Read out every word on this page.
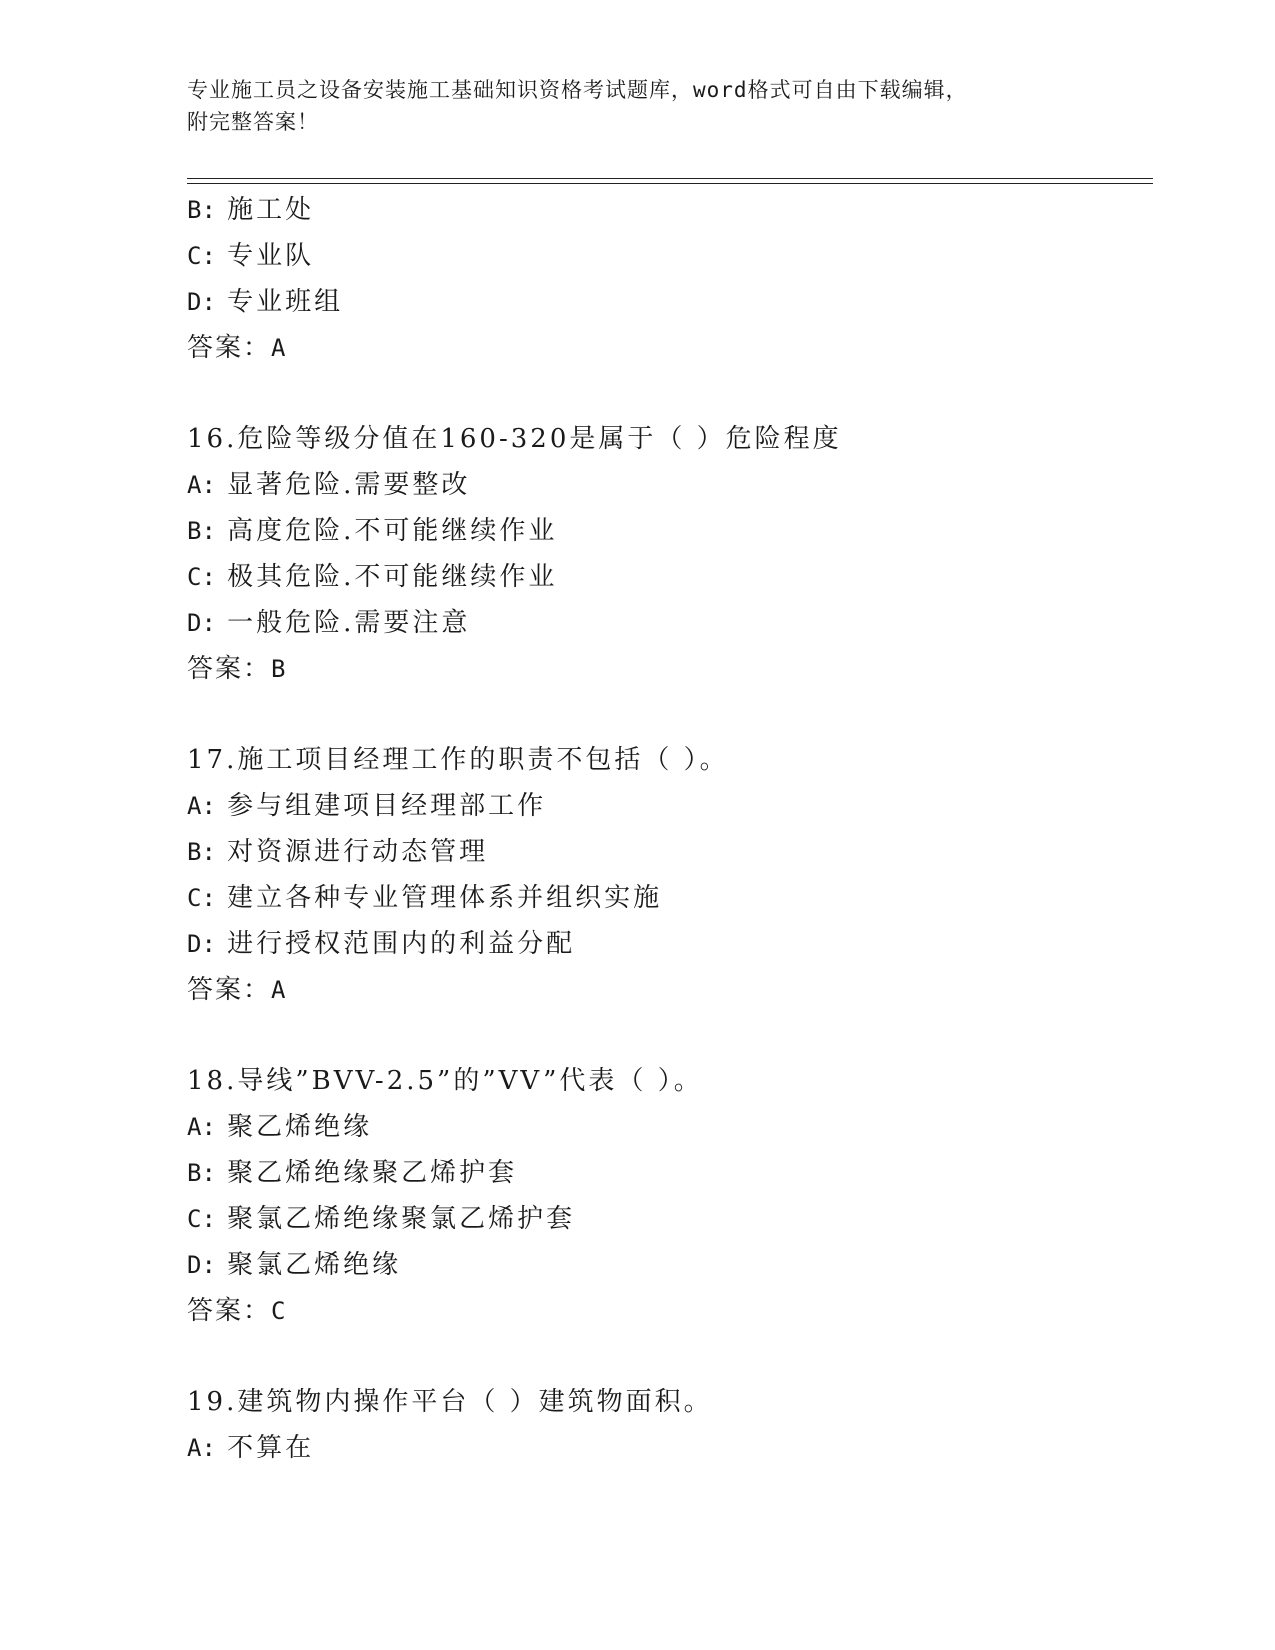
专业施工员之设备安装施工基础知识资格考试题库，word格式可自由下载编辑，
附完整答案！
B: 施工处
C: 专业队
D: 专业班组
答案：A
16.危险等级分值在160-320是属于（ ）危险程度
A: 显著危险.需要整改
B: 高度危险.不可能继续作业
C: 极其危险.不可能继续作业
D: 一般危险.需要注意
答案：B
17.施工项目经理工作的职责不包括（ ）。
A: 参与组建项目经理部工作
B: 对资源进行动态管理
C: 建立各种专业管理体系并组织实施
D: 进行授权范围内的利益分配
答案：A
18.导线”BVV-2.5”的”VV”代表（ ）。
A: 聚乙烯绝缘
B: 聚乙烯绝缘聚乙烯护套
C: 聚氯乙烯绝缘聚氯乙烯护套
D: 聚氯乙烯绝缘
答案：C
19.建筑物内操作平台（ ）建筑物面积。
A: 不算在
